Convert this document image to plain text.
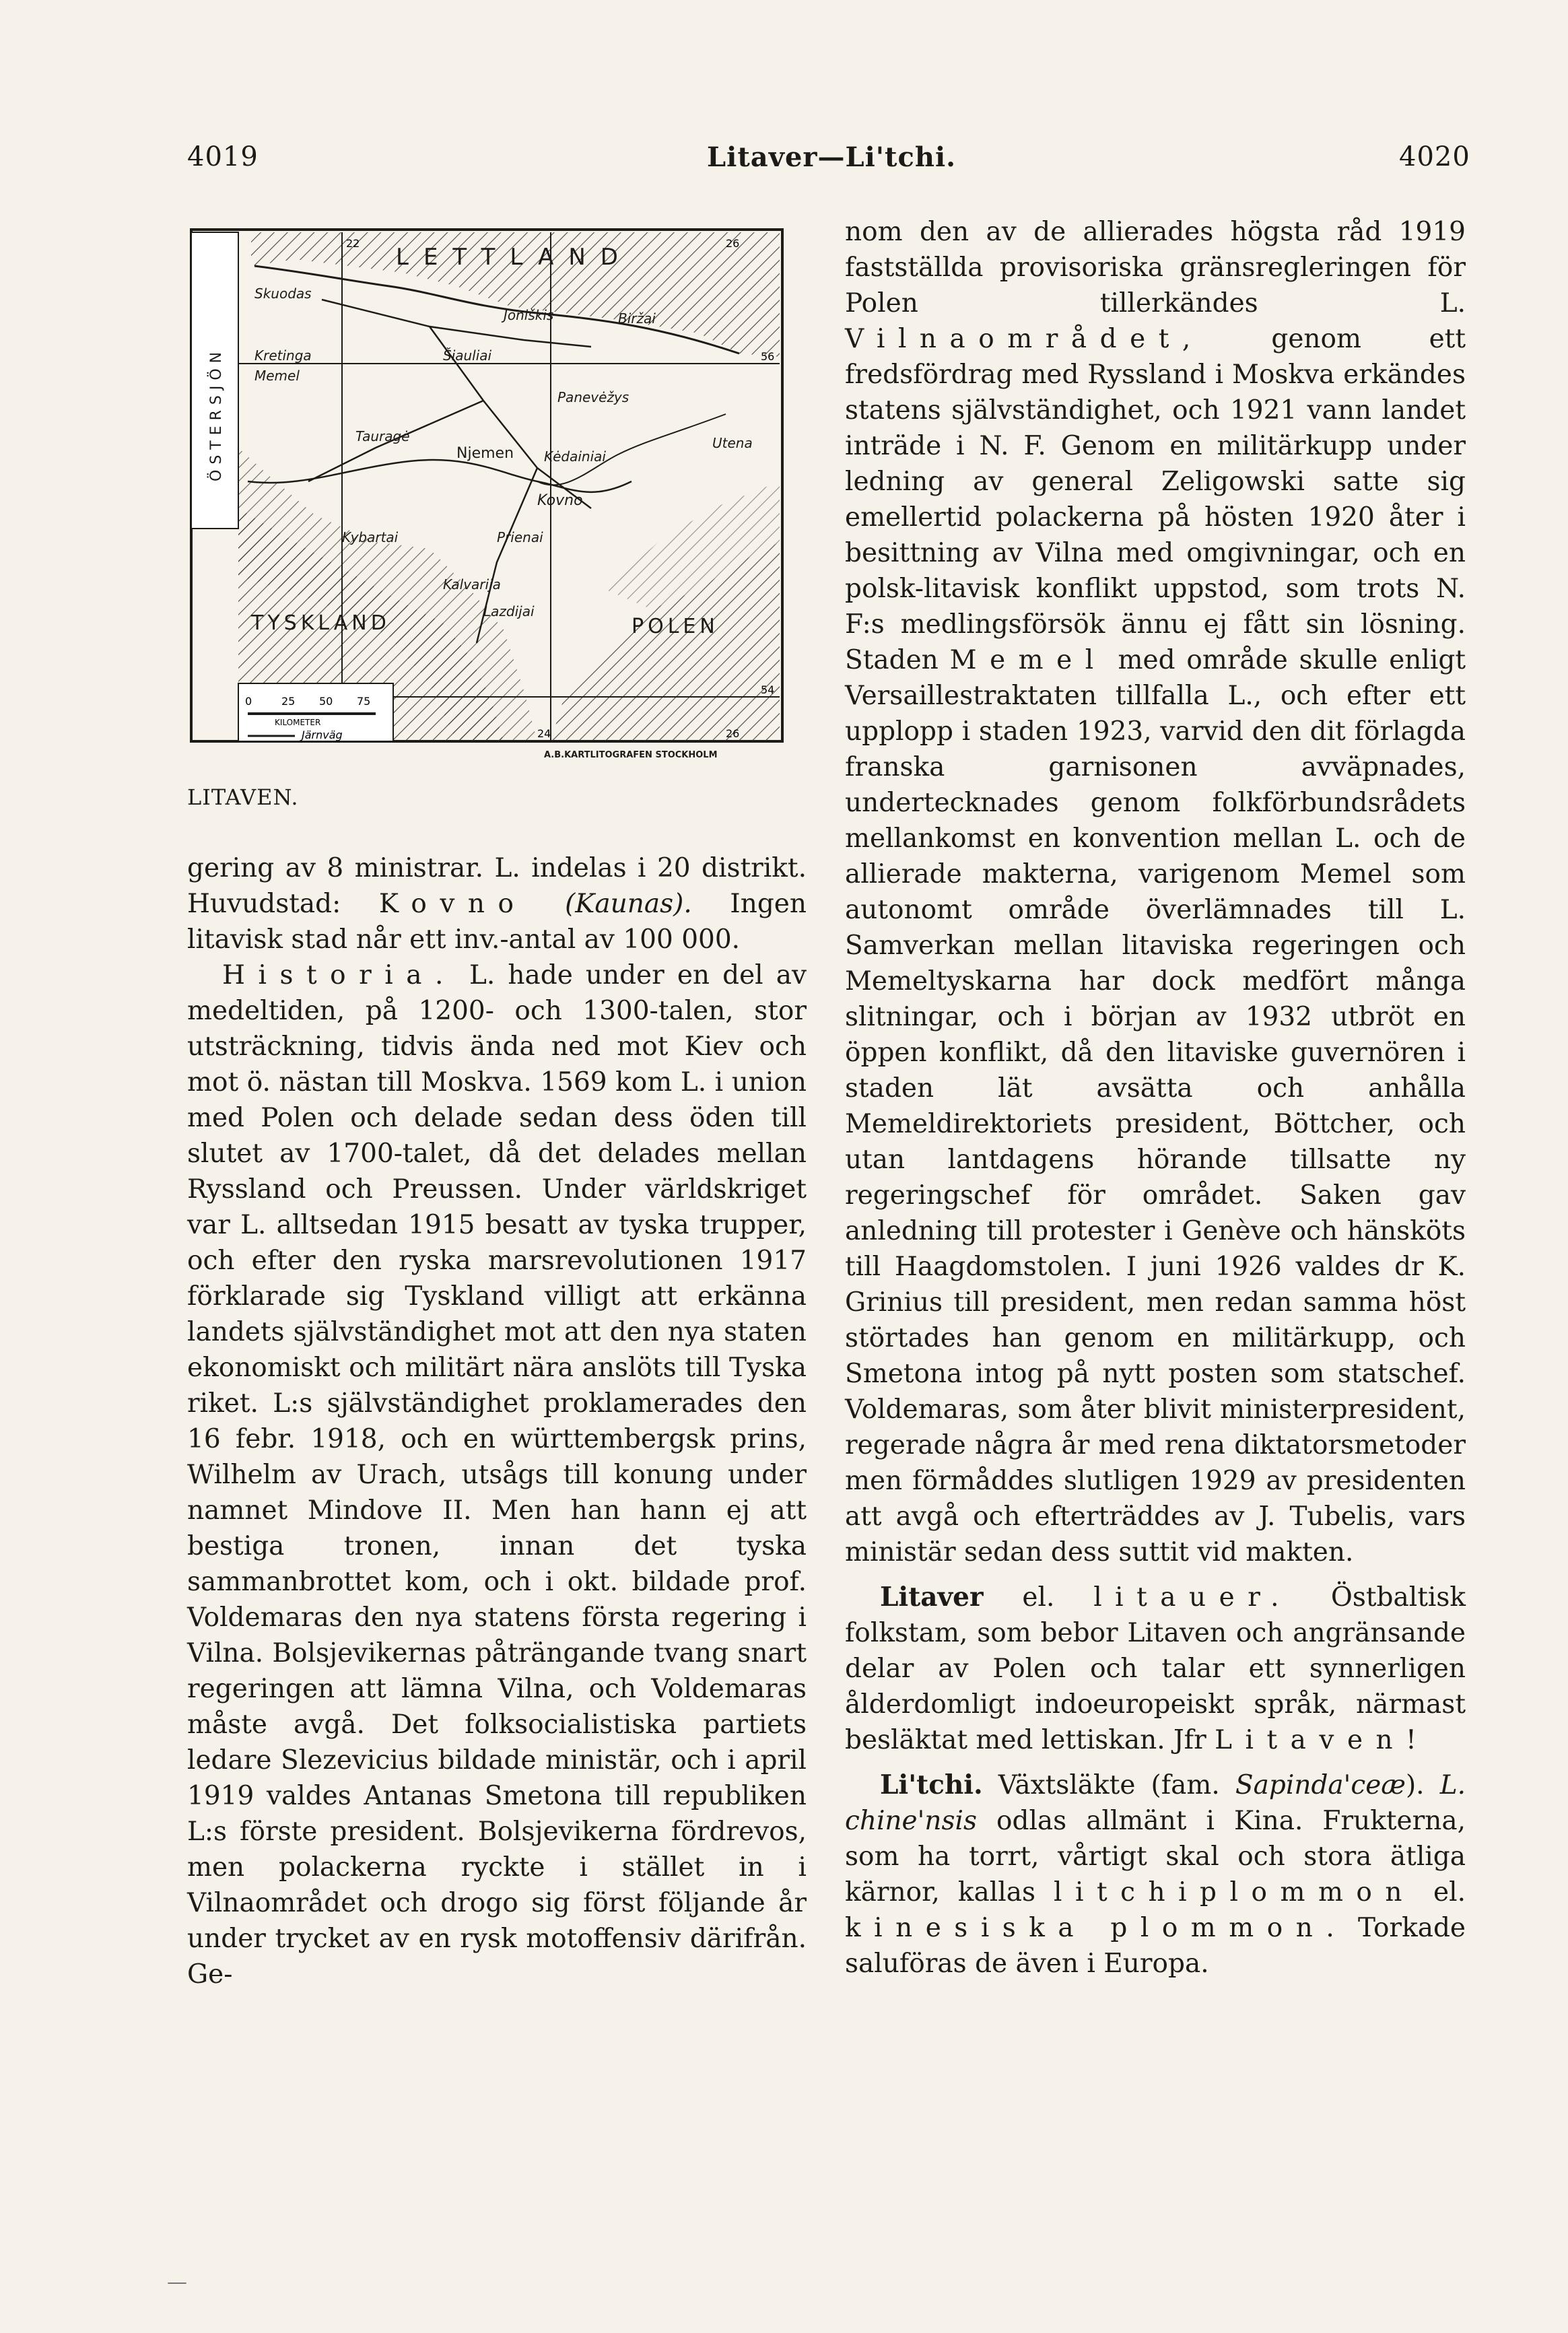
4019	Litaver—Li'tchi.	4020
LETTLAND
ÖSTERSJÖN
TYSKLAND	POLEN
Njemen
Kovno
Skuodas
Joniškis	Biržai
Kretinga
Memel
Šiauliai
Panevėžys
Utena
Kėdainiai
Tauragė
Kybartai	Prienai
Kalvarija
Lazdijai
0	25 50 75
KILOMETER
Järnväg
22	26
56
54
24	26
A.B.KARTLITOGRAFEN STOCKHOLM
LITAVEN.

gering av 8 ministrar. L. indelas i 20 distrikt. Huvudstad: Kovno (Kaunas). Ingen litavisk stad når ett inv.-antal av 100 000.

Historia. L. hade under en del av medeltiden, på 1200- och 1300-talen, stor utsträckning, tidvis ända ned mot Kiev och mot ö. nästan till Moskva. 1569 kom L. i union med Polen och delade sedan dess öden till slutet av 1700-talet, då det delades mellan Ryssland och Preussen. Under världskriget var L. alltsedan 1915 besatt av tyska trupper, och efter den ryska marsrevolutionen 1917 förklarade sig Tyskland villigt att erkänna landets självständighet mot att den nya staten ekonomiskt och militärt nära anslöts till Tyska riket. L:s självständighet proklamerades den 16 febr. 1918, och en württembergsk prins, Wilhelm av Urach, utsågs till konung under namnet Mindove II. Men han hann ej att bestiga tronen, innan det tyska sammanbrottet kom, och i okt. bildade prof. Voldemaras den nya statens första regering i Vilna. Bolsjevikernas påträngande tvang snart regeringen att lämna Vilna, och Voldemaras måste avgå. Det folksocialistiska partiets ledare Slezevicius bildade ministär, och i april 1919 valdes Antanas Smetona till republiken L:s förste president. Bolsjevikerna fördrevos, men polackerna ryckte i stället in i Vilnaområdet och drogo sig först följande år under trycket av en rysk motoffensiv därifrån. Ge-

nom den av de allierades högsta råd 1919 fastställda provisoriska gränsregleringen för Polen tillerkändes L. Vilnaområdet, genom ett fredsfördrag med Ryssland i Moskva erkändes statens självständighet, och 1921 vann landet inträde i N. F. Genom en militärkupp under ledning av general Zeligowski satte sig emellertid polackerna på hösten 1920 åter i besittning av Vilna med omgivningar, och en polsk-litavisk konflikt uppstod, som trots N. F:s medlingsförsök ännu ej fått sin lösning. Staden Memel med område skulle enligt Versaillestraktaten tillfalla L., och efter ett upplopp i staden 1923, varvid den dit förlagda franska garnisonen avväpnades, undertecknades genom folkförbundsrådets mellankomst en konvention mellan L. och de allierade makterna, varigenom Memel som autonomt område överlämnades till L. Samverkan mellan litaviska regeringen och Memeltyskarna har dock medfört många slitningar, och i början av 1932 utbröt en öppen konflikt, då den litaviske guvernören i staden lät avsätta och anhålla Memeldirektoriets president, Böttcher, och utan lantdagens hörande tillsatte ny regeringschef för området. Saken gav anledning till protester i Genève och hänsköts till Haagdomstolen. I juni 1926 valdes dr K. Grinius till president, men redan samma höst störtades han genom en militärkupp, och Smetona intog på nytt posten som statschef. Voldemaras, som åter blivit ministerpresident, regerade några år med rena diktatorsmetoder men förmåddes slutligen 1929 av presidenten att avgå och efterträddes av J. Tubelis, vars ministär sedan dess suttit vid makten.

Litaver el. litauer. Östbaltisk folkstam, som bebor Litaven och angränsande delar av Polen och talar ett synnerligen ålderdomligt indoeuropeiskt språk, närmast besläktat med lettiskan. Jfr Litaven!

Li'tchi. Växtsläkte (fam. Sapinda'ceæ). L. chine'nsis odlas allmänt i Kina. Frukterna, som ha torrt, vårtigt skal och stora ätliga kärnor, kallas litchiplommon el. kinesiska plommon. Torkade saluföras de även i Europa.

—
